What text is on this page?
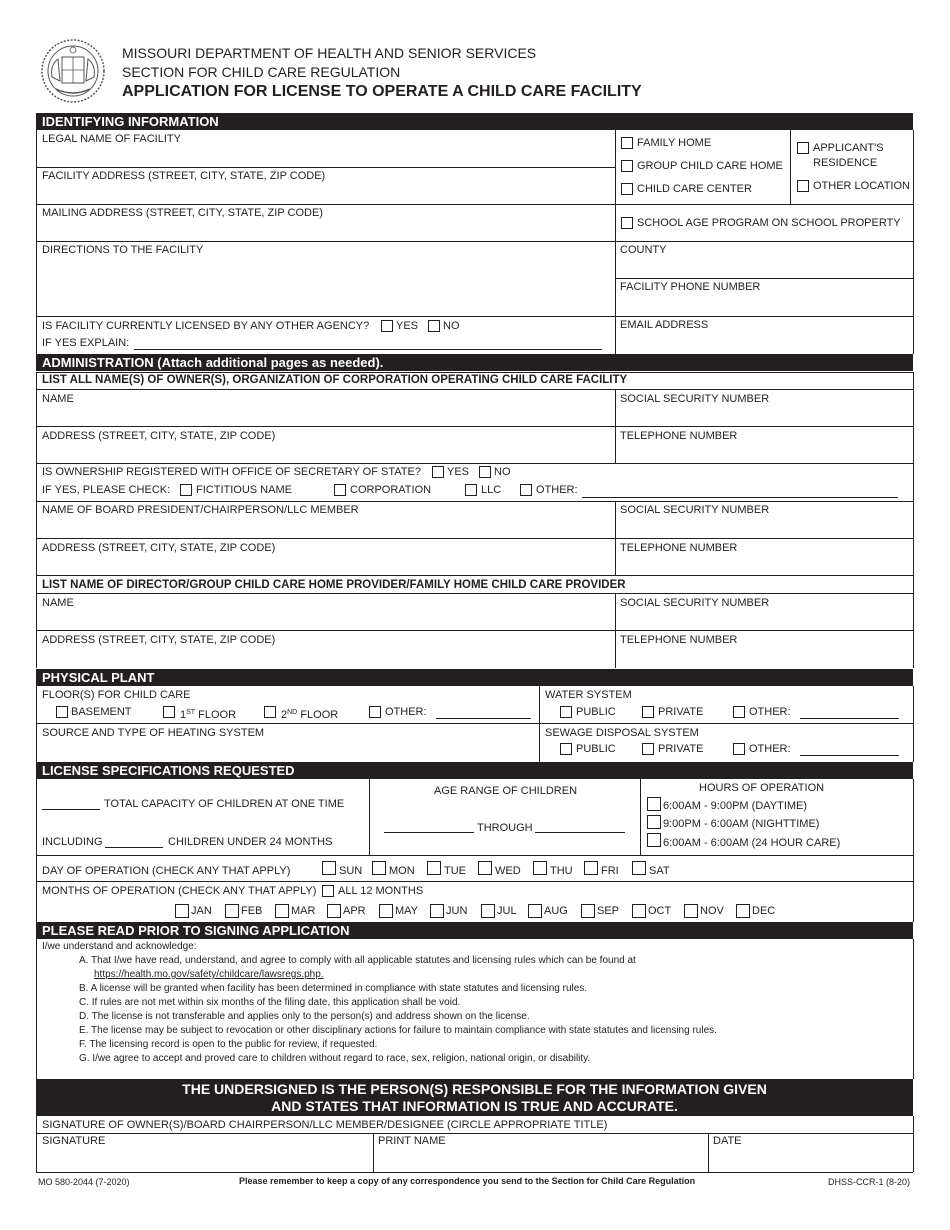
MISSOURI DEPARTMENT OF HEALTH AND SENIOR SERVICES
SECTION FOR CHILD CARE REGULATION
APPLICATION FOR LICENSE TO OPERATE A CHILD CARE FACILITY
IDENTIFYING INFORMATION
LEGAL NAME OF FACILITY
FACILITY ADDRESS (STREET, CITY, STATE, ZIP CODE)
MAILING ADDRESS (STREET, CITY, STATE, ZIP CODE)
DIRECTIONS TO THE FACILITY
IS FACILITY CURRENTLY LICENSED BY ANY OTHER AGENCY? YES NO
IF YES EXPLAIN:
FAMILY HOME
GROUP CHILD CARE HOME
CHILD CARE CENTER
APPLICANT'S
RESIDENCE
OTHER LOCATION
SCHOOL AGE PROGRAM ON SCHOOL PROPERTY
COUNTY
FACILITY PHONE NUMBER
EMAIL ADDRESS
ADMINISTRATION (Attach additional pages as needed).
LIST ALL NAME(S) OF OWNER(S), ORGANIZATION OF CORPORATION OPERATING CHILD CARE FACILITY
NAME	SOCIAL SECURITY NUMBER
ADDRESS (STREET, CITY, STATE, ZIP CODE)	TELEPHONE NUMBER
IS OWNERSHIP REGISTERED WITH OFFICE OF SECRETARY OF STATE? YES NO
IF YES, PLEASE CHECK: FICTITIOUS NAME	CORPORATION	LLC	OTHER:
NAME OF BOARD PRESIDENT/CHAIRPERSON/LLC MEMBER	SOCIAL SECURITY NUMBER
ADDRESS (STREET, CITY, STATE, ZIP CODE)	TELEPHONE NUMBER
LIST NAME OF DIRECTOR/GROUP CHILD CARE HOME PROVIDER/FAMILY HOME CHILD CARE PROVIDER
NAME	SOCIAL SECURITY NUMBER
ADDRESS (STREET, CITY, STATE, ZIP CODE)	TELEPHONE NUMBER
PHYSICAL PLANT
FLOOR(S) FOR CHILD CARE
BASEMENT	1ST FLOOR	2ND FLOOR	OTHER:
WATER SYSTEM
PUBLIC	PRIVATE	OTHER:
SOURCE AND TYPE OF HEATING SYSTEM	SEWAGE DISPOSAL SYSTEM
PUBLIC	PRIVATE	OTHER:
LICENSE SPECIFICATIONS REQUESTED
TOTAL CAPACITY OF CHILDREN AT ONE TIME
INCLUDING	CHILDREN UNDER 24 MONTHS
AGE RANGE OF CHILDREN
THROUGH
HOURS OF OPERATION
6:00AM - 9:00PM (DAYTIME)
9:00PM - 6:00AM (NIGHTTIME)
6:00AM - 6:00AM (24 HOUR CARE)
DAY OF OPERATION (CHECK ANY THAT APPLY)	SUN MON	TUE	WED	THU	FRI	SAT
MONTHS OF OPERATION (CHECK ANY THAT APPLY) ALL 12 MONTHS
JAN	FEB	MAR	APR	MAY	JUN	JUL AUG	SEP	OCT	NOV	DEC
PLEASE READ PRIOR TO SIGNING APPLICATION
I/we understand and acknowledge:
A. That I/we have read, understand, and agree to comply with all applicable statutes and licensing rules which can be found at
https://health.mo.gov/safety/childcare/lawsregs.php.
B. A license will be granted when facility has been determined in compliance with state statutes and licensing rules.
C. If rules are not met within six months of the filing date, this application shall be void.
D. The license is not transferable and applies only to the person(s) and address shown on the license.
E. The license may be subject to revocation or other disciplinary actions for failure to maintain compliance with state statutes and licensing rules.
F. The licensing record is open to the public for review, if requested.
G. I/we agree to accept and proved care to children without regard to race, sex, religion, national origin, or disability.
THE UNDERSIGNED IS THE PERSON(S) RESPONSIBLE FOR THE INFORMATION GIVEN
AND STATES THAT INFORMATION IS TRUE AND ACCURATE.
SIGNATURE OF OWNER(S)/BOARD CHAIRPERSON/LLC MEMBER/DESIGNEE (CIRCLE APPROPRIATE TITLE)
SIGNATURE	PRINT NAME	DATE
MO 580-2044 (7-2020)	Please remember to keep a copy of any correspondence you send to the Section for Child Care Regulation	DHSS-CCR-1 (8-20)
